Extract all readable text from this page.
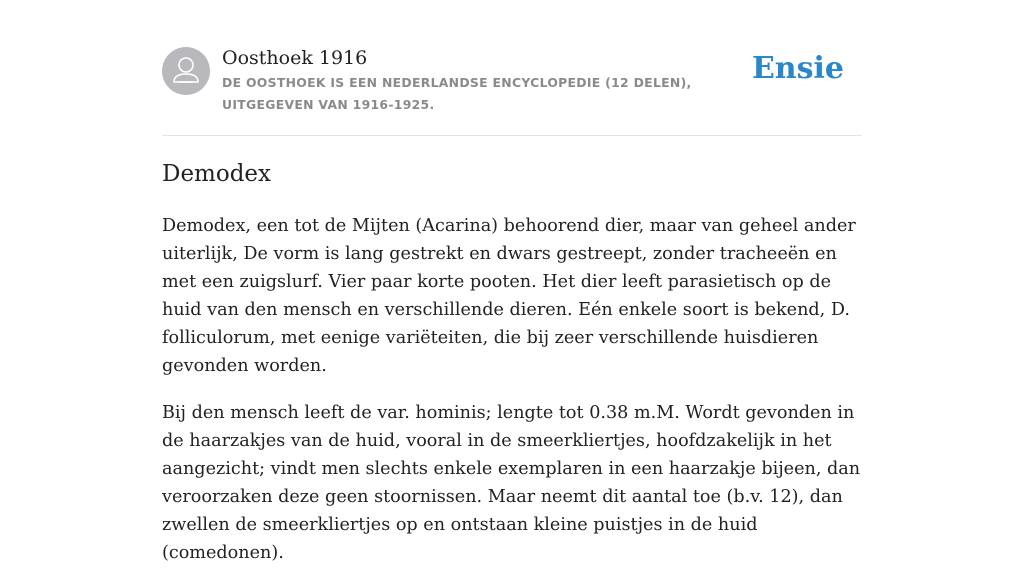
Oosthoek 1916
DE OOSTHOEK IS EEN NEDERLANDSE ENCYCLOPEDIE (12 DELEN), UITGEGEVEN VAN 1916-1925.
Ensie
Demodex

Demodex, een tot de Mijten (Acarina) behoorend dier, maar van geheel ander uiterlijk, De vorm is lang gestrekt en dwars gestreept, zonder tracheeën en met een zuigslurf. Vier paar korte pooten. Het dier leeft parasietisch op de huid van den mensch en verschillende dieren. Eén enkele soort is bekend, D. folliculorum, met eenige variëteiten, die bij zeer verschillende huisdieren gevonden worden.

Bij den mensch leeft de var. hominis; lengte tot 0.38 m.M. Wordt gevonden in de haarzakjes van de huid, vooral in de smeerkliertjes, hoofdzakelijk in het aangezicht; vindt men slechts enkele exemplaren in een haarzakje bijeen, dan veroorzaken deze geen stoornissen. Maar neemt dit aantal toe (b.v. 12), dan zwellen de smeerkliertjes op en ontstaan kleine puistjes in de huid (comedonen).
